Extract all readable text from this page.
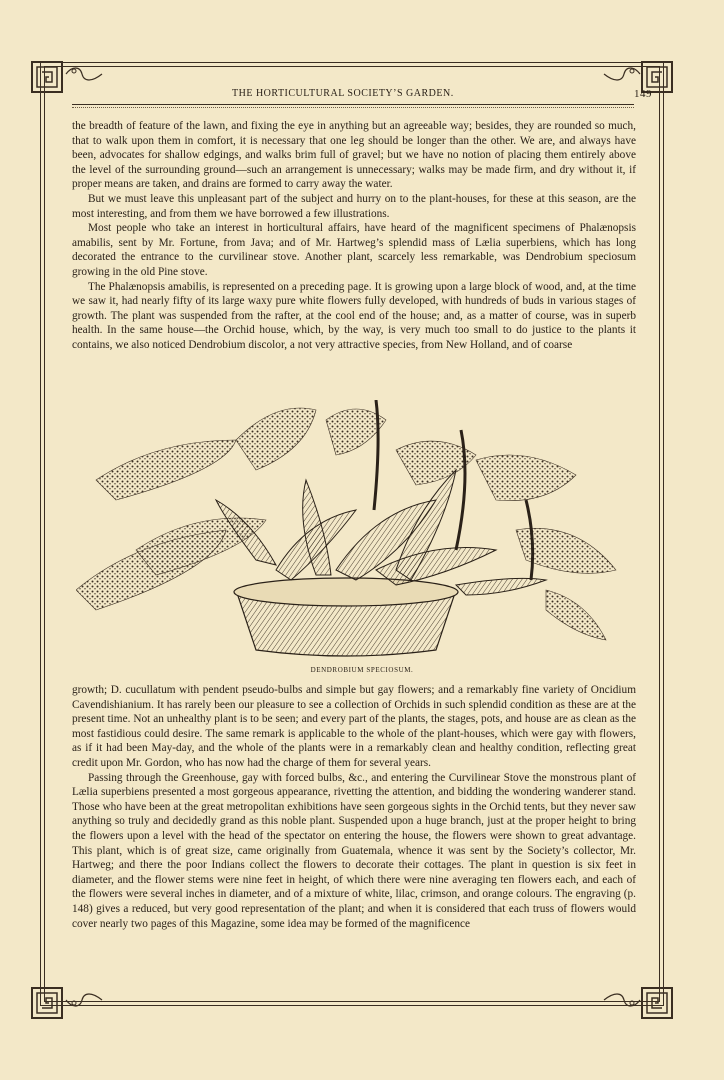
THE HORTICULTURAL SOCIETY’S GARDEN.	149

the breadth of feature of the lawn, and fixing the eye in anything but an agreeable way; besides, they are rounded so much, that to walk upon them in comfort, it is necessary that one leg should be longer than the other. We are, and always have been, advocates for shallow edgings, and walks brim full of gravel; but we have no notion of placing them entirely above the level of the surrounding ground—such an arrangement is unnecessary; walks may be made firm, and dry without it, if proper means are taken, and drains are formed to carry away the water.

But we must leave this unpleasant part of the subject and hurry on to the plant-houses, for these at this season, are the most interesting, and from them we have borrowed a few illustrations.

Most people who take an interest in horticultural affairs, have heard of the magnificent specimens of Phalænopsis amabilis, sent by Mr. Fortune, from Java; and of Mr. Hartweg’s splendid mass of Lælia superbiens, which has long decorated the entrance to the curvilinear stove. Another plant, scarcely less remarkable, was Dendrobium speciosum growing in the old Pine stove.

The Phalænopsis amabilis, is represented on a preceding page. It is growing upon a large block of wood, and, at the time we saw it, had nearly fifty of its large waxy pure white flowers fully developed, with hundreds of buds in various stages of growth. The plant was suspended from the rafter, at the cool end of the house; and, as a matter of course, was in superb health. In the same house—the Orchid house, which, by the way, is very much too small to do justice to the plants it contains, we also noticed Dendrobium discolor, a not very attractive species, from New Holland, and of coarse

DENDROBIUM SPECIOSUM.

growth; D. cucullatum with pendent pseudo-bulbs and simple but gay flowers; and a remarkably fine variety of Oncidium Cavendishianium. It has rarely been our pleasure to see a collection of Orchids in such splendid condition as these are at the present time. Not an unhealthy plant is to be seen; and every part of the plants, the stages, pots, and house are as clean as the most fastidious could desire. The same remark is applicable to the whole of the plant-houses, which were gay with flowers, as if it had been May-day, and the whole of the plants were in a remarkably clean and healthy condition, reflecting great credit upon Mr. Gordon, who has now had the charge of them for several years.

Passing through the Greenhouse, gay with forced bulbs, &c., and entering the Curvilinear Stove the monstrous plant of Lælia superbiens presented a most gorgeous appearance, rivetting the attention, and bidding the wondering wanderer stand. Those who have been at the great metropolitan exhibitions have seen gorgeous sights in the Orchid tents, but they never saw anything so truly and decidedly grand as this noble plant. Suspended upon a huge branch, just at the proper height to bring the flowers upon a level with the head of the spectator on entering the house, the flowers were shown to great advantage. This plant, which is of great size, came originally from Guatemala, whence it was sent by the Society’s collector, Mr. Hartweg; and there the poor Indians collect the flowers to decorate their cottages. The plant in question is six feet in diameter, and the flower stems were nine feet in height, of which there were nine averaging ten flowers each, and each of the flowers were several inches in diameter, and of a mixture of white, lilac, crimson, and orange colours. The engraving (p. 148) gives a reduced, but very good representation of the plant; and when it is considered that each truss of flowers would cover nearly two pages of this Magazine, some idea may be formed of the magnificence
